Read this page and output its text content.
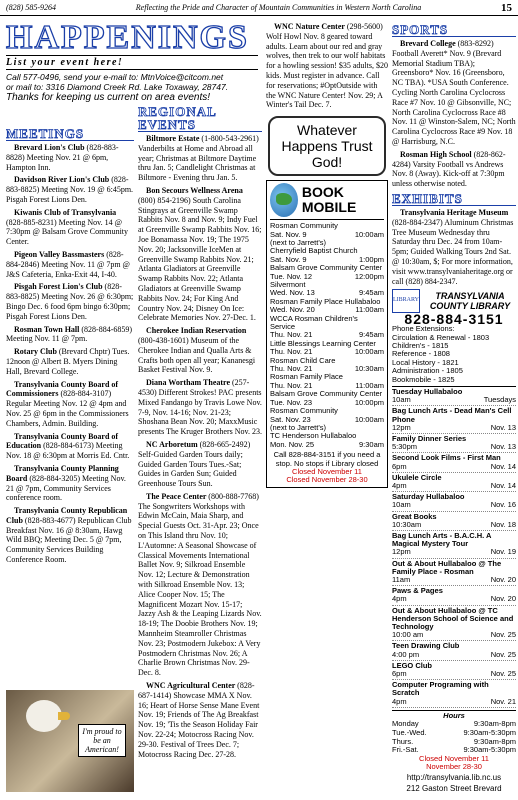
(828) 585-9264	Reflecting the Pride and Character of Mountain Communities in Western North Carolina	15
HAPPENINGS
List your event here!
Call 577-0496, send your e-mail to: MtnVoice@citcom.net
or mail to: 3316 Diamond Creek Rd. Lake Toxaway, 28747.
Thanks for keeping us current on area events!
MEETINGS
Brevard Lion's Club (828-883-8828) Meeting Nov. 21 @ 6pm, Hampton Inn.
Davidson River Lion's Club (828-883-8825) Meeting Nov. 19 @ 6:45pm. Pisgah Forest Lions Den.
Kiwanis Club of Transylvania (828-885-8231) Meeting Nov. 14 @ 7:30pm @ Balsam Grove Community Center.
Pigeon Valley Bassmasters (828-884-2846) Meeting Nov. 11 @ 7pm @ J&S Cafeteria, Enka-Exit 44, I-40.
Pisgah Forest Lion's Club (828-883-8825) Meeting Nov. 26 @ 6:30pm; Bingo Dec. 6 food 6pm bingo 6:30pm; Pisgah Forest Lions Den.
Rosman Town Hall (828-884-6859) Meeting Nov. 11 @ 7pm.
Rotary Club (Brevard Chptr) Tues. 12noon @ Albert B. Myers Dining Hall, Brevard College.
Transylvania County Board of Commissioners (828-884-3107) Regular Meeting Nov. 12 @ 4pm and Nov. 25 @ 6pm in the Commissioners Chambers, Admin. Building.
Transylvania County Board of Education (828-884-6173) Meeting Nov. 18 @ 6:30pm at Morris Ed. Cntr.
Transylvania County Planning Board (828-884-3205) Meeting Nov. 21 @ 7pm, Community Services conference room.
Transylvania County Republican Club (828-883-4677) Republican Club Breakfast Nov. 16 @ 8:30am, Hawg Wild BBQ; Meeting Dec. 5 @ 7pm, Community Services Building Conference Room.
REGIONAL EVENTS
Biltmore Estate (1-800-543-2961) Vanderbilts at Home and Abroad all year; Christmas at Biltmore Daytime thru Jan. 5; Candlelight Christmas at Biltmore - Evening thru Jan. 5.
Bon Secours Wellness Arena (800) 854-2196) South Carolina Stingrays at Greenville Swamp Rabbits Nov. 8 and Nov. 9; Indy Fuel at Greenville Swamp Rabbits Nov. 16; Joe Bonamassa Nov. 19; The 1975 Nov. 20; Jacksonville IceMen at Greenville Swamp Rabbits Nov. 21; Atlanta Gladiators at Greenville Swamp Rabbits Nov. 22; Atlanta Gladiators at Greenville Swamp Rabbits Nov. 24; For King And Country Nov. 24; Disney On Ice: Celebrate Memories Nov. 27-Dec. 1.
Cherokee Indian Reservation (800-438-1601) Museum of the Cherokee Indian and Qualla Arts & Crafts both open all year; Kananesgi Basket Festival Nov. 9.
Diana Wortham Theatre (257-4530) Different Strokes! PAC presents Mixed Fandango by Travis Lowe Nov. 7-9, Nov. 14-16; Nov. 21-23; Shoshana Bean Nov. 20; MaxxMusic presents The Kruger Brothers Nov. 23.
NC Arboretum (828-665-2492) Self-Guided Garden Tours daily; Guided Garden Tours Tues.-Sat; Guides in Garden Sun; Guided Greenhouse Tours Sun.
The Peace Center (800-888-7768) The Songwriters Workshops with Edwin McCain, Maia Sharp, and Special Guests Oct. 31-Apr. 23; Once on This Island thru Nov. 10; L'Automne: A Seasonal Showcase of Classical Movements International Ballet Nov. 9; Silkroad Ensemble Nov. 12; Lecture & Demonstration with Silkroad Ensemble Nov. 13; Alice Cooper Nov. 15; The Magnificent Mozart Nov. 15-17; Jazzy Ash & the Leaping Lizards Nov. 18-19; The Doobie Brothers Nov. 19; Mannheim Steamroller Christmas Nov. 23; Postmodern Jukebox: A Very Postmodern Christmas Nov. 26; A Charlie Brown Christmas Nov. 29-Dec. 8.
WNC Agricultural Center (828-687-1414) Showcase MMA X Nov. 16; Heart of Horse Sense Mane Event Nov. 19; Friends of The Ag Breakfast Nov. 19; 'Tis the Season Holiday Fair Nov. 22-24; Motocross Racing Nov. 29-30. Festival of Trees Dec. 7; Motocross Racing Dec. 27-28.
WNC Nature Center (298-5600) Wolf Howl Nov. 8 geared toward adults. Learn about our red and gray wolves, then trek to our wolf habitats for a howling session! $35 adults, $20 kids. Must register in advance. Call for reservations; #OptOutside with the WNC Nature Center! Nov. 29; A Winter's Tail Dec. 7.
Whatever Happens Trust God!
BOOK MOBILE
Rosman Community
Sat. Nov. 9	10:00am
(next to Jarrett's)
Cherryfield Baptist Church
Sat. Nov. 9	1:00pm
Balsam Grove Community Center
Tue. Nov. 12	12:00pm
Silvermont
Wed. Nov. 13	9:45am
Rosman Family Place Hullabaloo
Wed. Nov. 20	11:00am
WCCA Rosman Children's Service
Thu. Nov. 21	9:45am
Little Blessings Learning Center
Thu. Nov. 21	10:00am
Rosman Child Care
Thu. Nov. 21	10:30am
Rosman Family Place
Thu. Nov. 21	11:00am
Balsam Grove Community Center
Tue. Nov. 23	10:00pm
Rosman Community
Sat. Nov. 23	10:00am
(next to Jarrett's)
TC Henderson Hullabaloo
Mon. Nov. 25	9:30am
Call 828-884-3151 if you need a stop. No stops if Library closed
Closed November 11
Closed November 28-30
SPORTS
Brevard College (883-8292) Football Averett* Nov. 9 (Brevard Memorial Stadium TBA); Greensboro* Nov. 16 (Greensboro, NC TBA). *USA South Conference. Cycling North Carolina Cyclocross Race #7 Nov. 10 @ Gibsonville, NC; North Carolina Cyclocross Race #8 Nov. 11 @ Winston-Salem, NC; North Carolina Cyclocross Race #9 Nov. 18 @ Harrisburg, N.C.
Rosman High School (828-862-4284) Varsity Football vs Andrews Nov. 8 (Away). Kick-off at 7:30pm unless otherwise noted.
EXHIBITS
Transylvania Heritage Museum (828-884-2347) Aluminum Christmas Tree Museum Wednesday thru Saturday thru Dec. 24 from 10am-5pm; Guided Walking Tours 2nd Sat. @ 10:30am, $; For more information, visit www.transylvaniaheritage.org or call (828) 884-2347.
LIBRARY	TRANSYLVANIA COUNTY LIBRARY
828-884-3151
Phone Extensions:
Circulation & Renewal - 1803
Children's - 1815
Reference - 1808
Local History - 1821
Administration - 1805
Bookmobile - 1825
Tuesday Hullabaloo
10am	Tuesdays
Bag Lunch Arts - Dead Man's Cell Phone
12pm	Nov. 13
Family Dinner Series
5:30pm	Nov. 13
Second Look Films - First Man
6pm	Nov. 14
Ukulele Circle
4pm	Nov. 14
Saturday Hullabaloo
10am	Nov. 16
Great Books
10:30am	Nov. 18
Bag Lunch Arts - B.A.C.H. A Magical Mystery Tour
12pm	Nov. 19
Out & About Hullabaloo @ The Family Place - Rosman
11am	Nov. 20
Paws & Pages
4pm	Nov. 20
Out & About Hullabaloo @ TC Henderson School of Science and Technology
10:00 am	Nov. 25
Teen Drawing Club
4:00 pm	Nov. 25
LEGO Club
6pm	Nov. 25
Computer Programing with Scratch
4pm	Nov. 21
Hours
Monday	9:30am-8pm
Tue.-Wed.	9:30am-5:30pm
Thurs.	9:30am-8pm
Fri.-Sat.	9:30am-5:30pm
Closed November 11
November 28-30
http://transylvania.lib.nc.us
212 Gaston Street Brevard
I'm proud to be an American!
